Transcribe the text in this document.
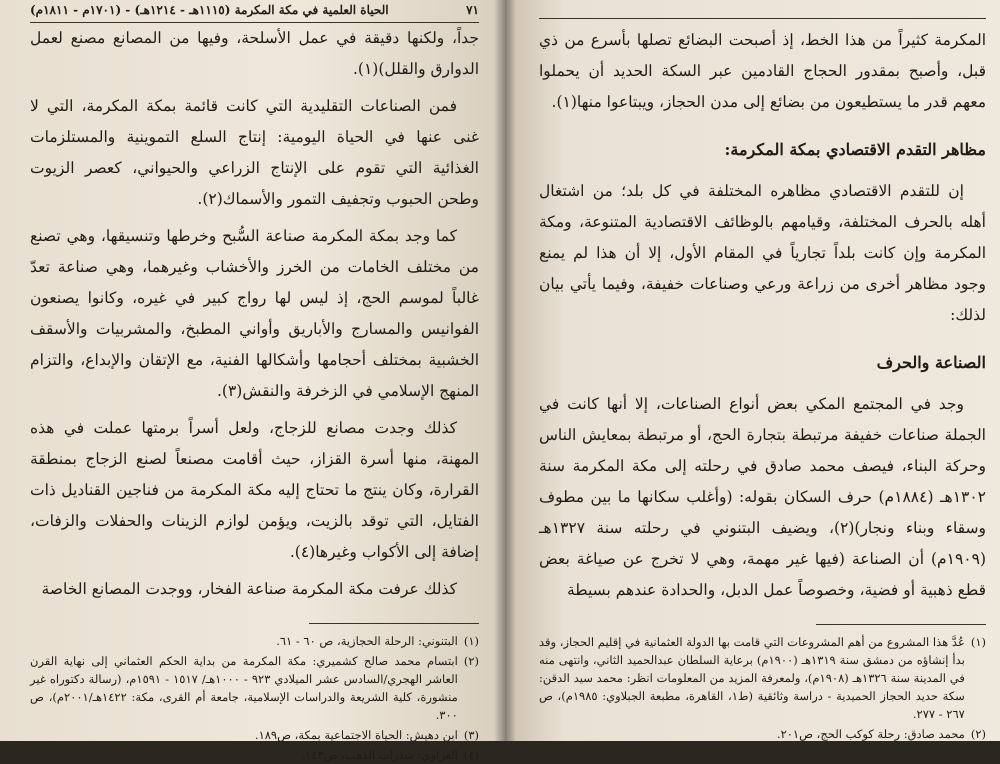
٧١
الحياة العلمية في مكة المكرمة (١١١٥هـ - ١٢١٤هـ) - (١٧٠١م - ١٨١١م)

جداً، ولكنها دقيقة في عمل الأسلحة، وفيها من المصانع مصنع لعمل الدوارق والقلل)(١).

فمن الصناعات التقليدية التي كانت قائمة بمكة المكرمة، التي لا غنى عنها في الحياة اليومية: إنتاج السلع التموينية والمستلزمات الغذائية التي تقوم على الإنتاج الزراعي والحيواني، كعصر الزيوت وطحن الحبوب وتجفيف التمور والأسماك(٢).

كما وجد بمكة المكرمة صناعة السُّبح وخرطها وتنسيقها، وهي تصنع من مختلف الخامات من الخرز والأخشاب وغيرهما، وهي صناعة تعدّ غالباً لموسم الحج، إذ ليس لها رواج كبير في غيره، وكانوا يصنعون الفوانيس والمسارج والأباريق وأواني المطبخ، والمشربيات والأسقف الخشبية بمختلف أحجامها وأشكالها الفنية، مع الإتقان والإبداع، والتزام المنهج الإسلامي في الزخرفة والنقش(٣).

كذلك وجدت مصانع للزجاج، ولعل أسراً برمتها عملت في هذه المهنة، منها أسرة القزاز، حيث أقامت مصنعاً لصنع الزجاج بمنطقة القرارة، وكان ينتج ما تحتاج إليه مكة المكرمة من فناجين القناديل ذات الفتايل، التي توقد بالزيت، ويؤمن لوازم الزينات والحفلات والزفات، إضافة إلى الأكواب وغيرها(٤).

كذلك عرفت مكة المكرمة صناعة الفخار، ووجدت المصانع الخاصة

(١)
البتنوني: الرحلة الحجازية، ص ٦٠ - ٦١.
(٢)
ابتسام محمد صالح كشميري: مكة المكرمة من بداية الحكم العثماني إلى نهاية القرن العاشر الهجري/السادس عشر الميلادي ٩٢٣ - ١٠٠٠هـ/ ١٥١٧ - ١٥٩١م، (رسالة دكتوراه غير منشورة، كلية الشريعة والدراسات الإسلامية، جامعة أم القرى، مكة: ١٤٢٢هـ/٢٠٠١م)، ص ٣٠٠.
(٣)
ابن دهيش: الحياة الاجتماعية بمكة، ص١٨٩.
(٤)
الغزاوي: شذرات الذهب، ص١٤٣.

المكرمة كثيراً من هذا الخط، إذ أصبحت البضائع تصلها بأسرع من ذي قبل، وأصبح بمقدور الحجاج القادمين عبر السكة الحديد أن يحملوا معهم قدر ما يستطيعون من بضائع إلى مدن الحجاز، ويبتاعوا منها(١).

مظاهر التقدم الاقتصادي بمكة المكرمة:

إن للتقدم الاقتصادي مظاهره المختلفة في كل بلد؛ من اشتغال أهله بالحرف المختلفة، وقيامهم بالوظائف الاقتصادية المتنوعة، ومكة المكرمة وإن كانت بلداً تجارياً في المقام الأول، إلا أن هذا لم يمنع وجود مظاهر أخرى من زراعة ورعي وصناعات خفيفة، وفيما يأتي بيان لذلك:

الصناعة والحرف

وجد في المجتمع المكي بعض أنواع الصناعات، إلا أنها كانت في الجملة صناعات خفيفة مرتبطة بتجارة الحج، أو مرتبطة بمعايش الناس وحركة البناء، فيصف محمد صادق في رحلته إلى مكة المكرمة سنة ١٣٠٢هـ (١٨٨٤م) حرف السكان بقوله: (وأغلب سكانها ما بين مطوف وسقاء وبناء ونجار)(٢)، ويضيف البتنوني في رحلته سنة ١٣٢٧هـ (١٩٠٩م) أن الصناعة (فيها غير مهمة، وهي لا تخرج عن صياغة بعض قطع ذهبية أو فضية، وخصوصاً عمل الدبل، والحدادة عندهم بسيطة

(١)
عُدَّ هذا المشروع من أهم المشروعات التي قامت بها الدولة العثمانية في إقليم الحجاز، وقد بدأ إنشاؤه من دمشق سنة ١٣١٩هـ (١٩٠٠م) برعاية السلطان عبدالحميد الثاني، وانتهى منه في المدينة سنة ١٣٢٦هـ (١٩٠٨م)، ولمعرفة المزيد من المعلومات انظر: محمد سيد الدقن: سكة حديد الحجاز الحميدية - دراسة وثائقية (ط١، القاهرة، مطبعة الجبلاوي: ١٩٨٥م)، ص ٢٦٧ - ٢٧٧.
(٢)
محمد صادق: رحلة كوكب الحج، ص٢٠١.
